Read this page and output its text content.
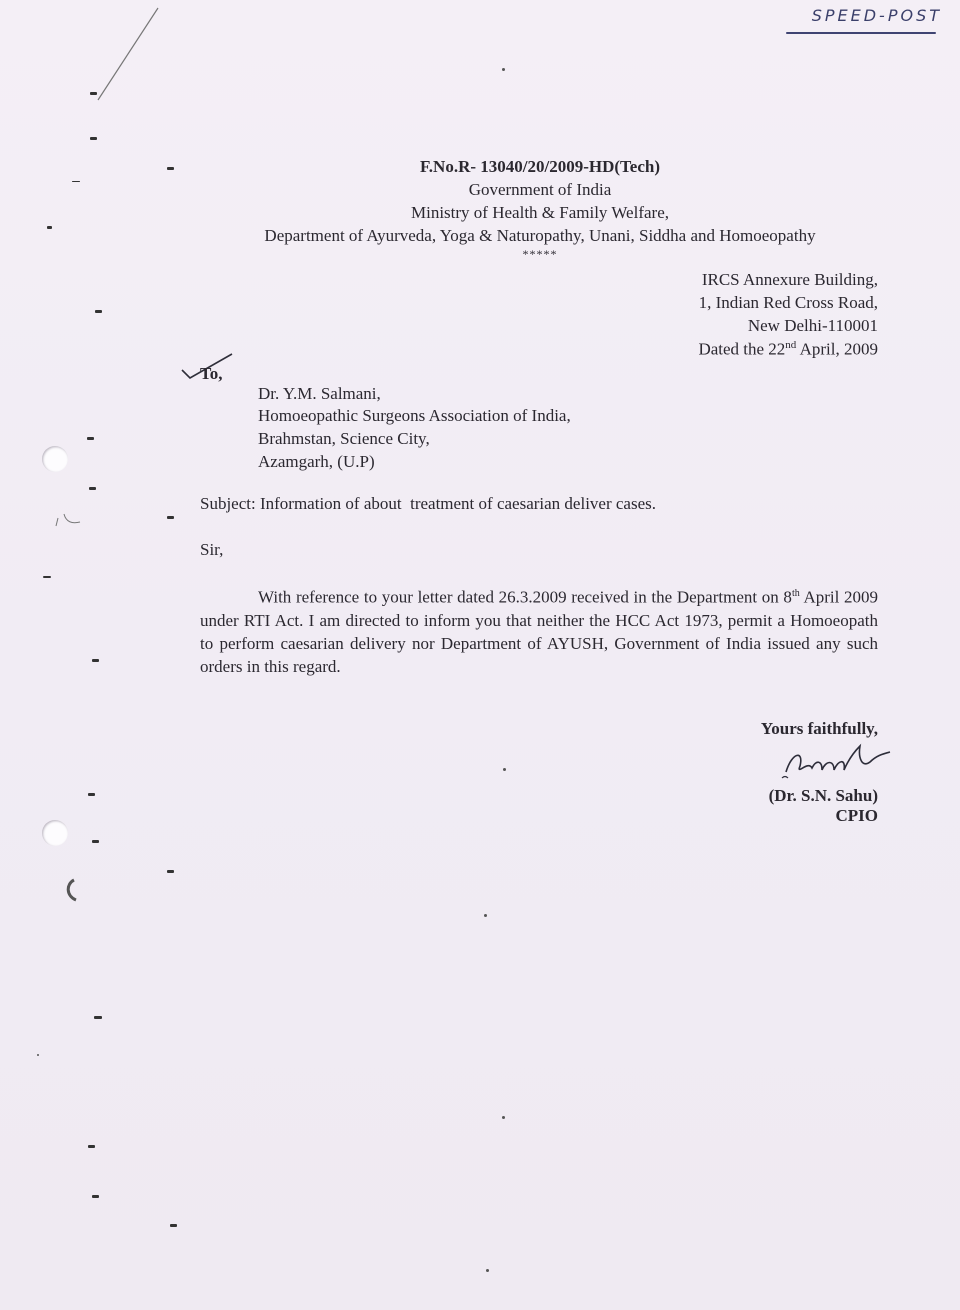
SPEED-POST
F.No.R- 13040/20/2009-HD(Tech)
Government of India
Ministry of Health & Family Welfare,
Department of Ayurveda, Yoga & Naturopathy, Unani, Siddha and Homoeopathy
*****
IRCS Annexure Building,
1, Indian Red Cross Road,
New Delhi-110001
Dated the 22nd April, 2009
To,
Dr. Y.M. Salmani,
Homoeopathic Surgeons Association of India,
Brahmstan, Science City,
Azamgarh, (U.P)
Subject: Information of about  treatment of caesarian deliver cases.
Sir,
With reference to your letter dated 26.3.2009 received in the Department on 8th April 2009 under RTI Act. I am directed to inform you that neither the HCC Act 1973, permit a Homoeopath to perform caesarian delivery nor Department of AYUSH, Government of India issued any such orders in this regard.
Yours faithfully,
(Dr. S.N. Sahu)
CPIO
